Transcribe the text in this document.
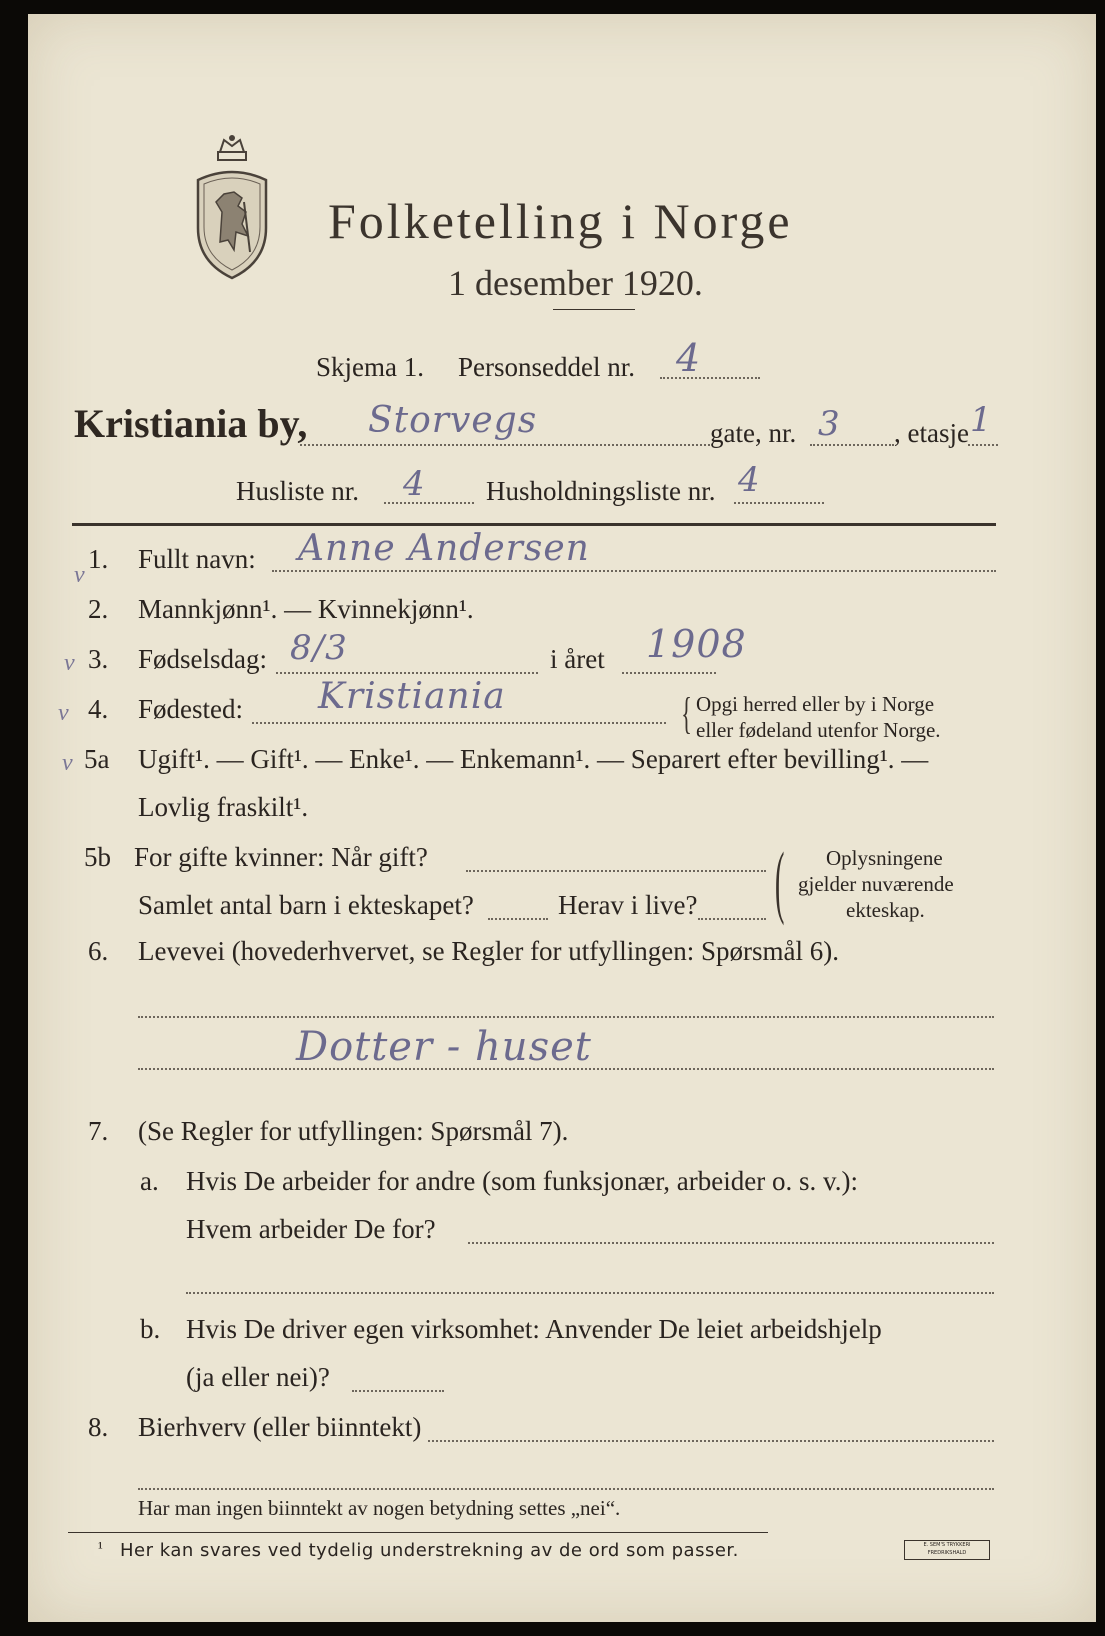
Folketelling i Norge
1 desember 1920.
Skjema 1. Personseddel nr. 4
Kristiania by, Storvegs	gate, nr. 3 , etasje 1
Husliste nr. 4 Husholdningsliste nr. 4
v
1. Fullt navn: Anne Andersen
2. Mannkjønn¹. — Kvinnekjønn¹.
v 3. Fødselsdag: 8/3	i året 1908
v 4. Fødested: Kristiania	{ Opgi herred eller by i Norge
eller fødeland utenfor Norge.
v 5a Ugift¹. — Gift¹. — Enke¹. — Enkemann¹. — Separert efter bevilling¹. —
Lovlig fraskilt¹.
5b For gifte kvinner: Når gift?
Samlet antal barn i ekteskapet?	Herav i live? ( Oplysningene
gjelder nuværende
ekteskap.
6. Levevei (hovederhvervet, se Regler for utfyllingen: Spørsmål 6).
Dotter - huset
7. (Se Regler for utfyllingen: Spørsmål 7).
a. Hvis De arbeider for andre (som funksjonær, arbeider o. s. v.):
Hvem arbeider De for?
b. Hvis De driver egen virksomhet: Anvender De leiet arbeidshjelp
(ja eller nei)?
8. Bierhverv (eller biinntekt)
Har man ingen biinntekt av nogen betydning settes „nei“.
¹ Her kan svares ved tydelig understrekning av de ord som passer.	E. SEM'S TRYKKERI FREDRIKSHALD
